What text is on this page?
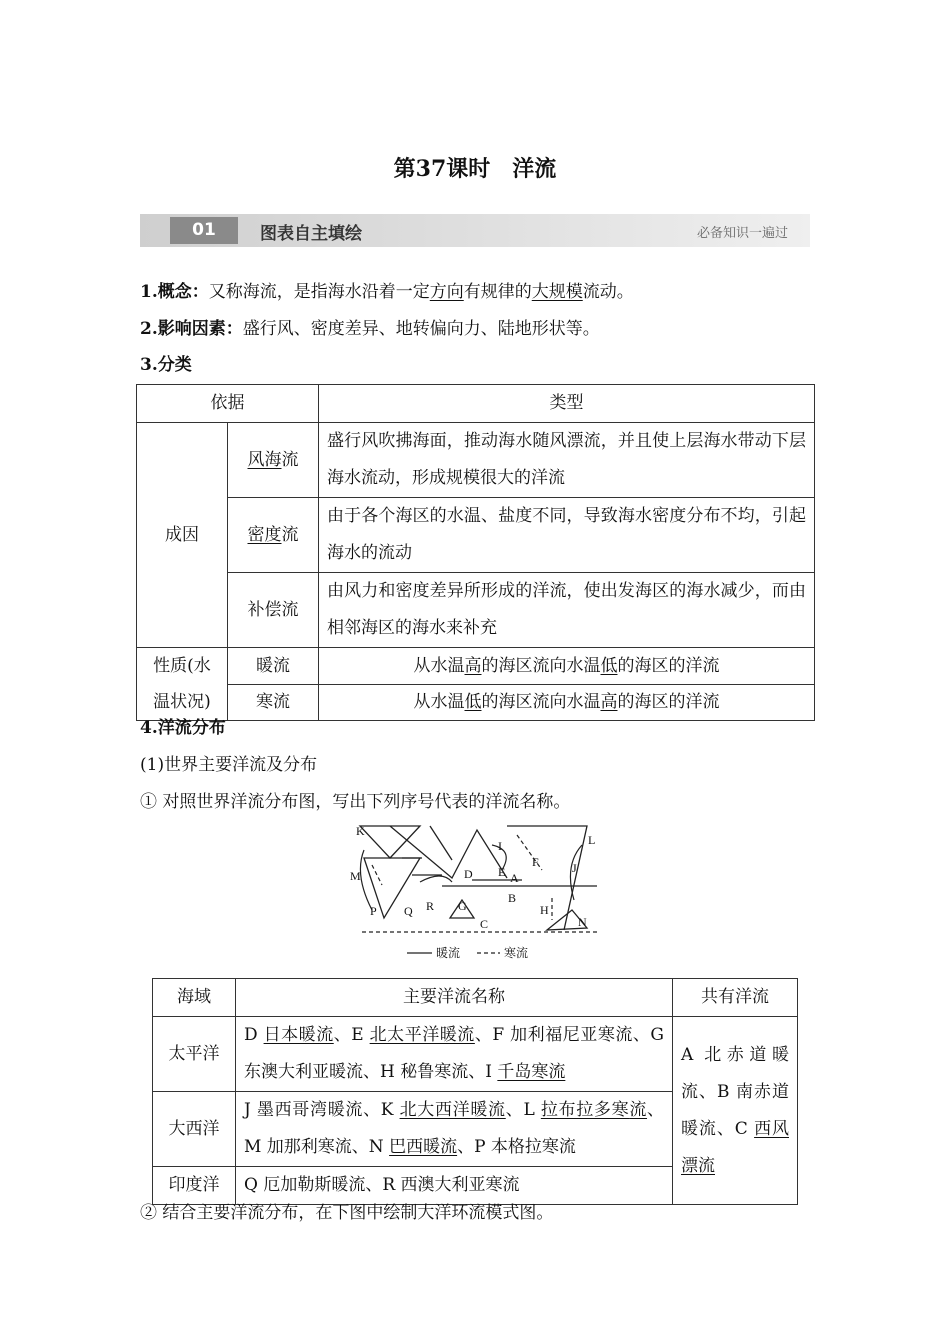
第37课时 洋流
01	图表自主填绘	必备知识一遍过
1.概念：又称海流，是指海水沿着一定方向有规律的大规模流动。
2.影响因素：盛行风、密度差异、地转偏向力、陆地形状等。
3.分类
依据		类型
成因	风海流	盛行风吹拂海面，推动海水随风漂流，并且使上层海水带动下层海水流动，形成规模很大的洋流
	密度流	由于各个海区的水温、盐度不同，导致海水密度分布不均，引起海水的流动
	补偿流	由风力和密度差异所形成的洋流，使出发海区的海水减少，而由相邻海区的海水来补充
性质(水温状况)	暖流	从水温高的海区流向水温低的海区的洋流
	寒流	从水温低的海区流向水温高的海区的洋流
4.洋流分布
(1)世界主要洋流及分布
① 对照世界洋流分布图，写出下列序号代表的洋流名称。
K
M
P Q R G
C
D E A
B
I
F
L
J
H
N
暖流	寒流
海域	主要洋流名称	共有洋流
太平洋	D 日本暖流、E 北太平洋暖流、F 加利福尼亚寒流、G 东澳大利亚暖流、H 秘鲁寒流、I 千岛寒流	A 北赤道暖流、B 南赤道暖流、C 西风漂流
大西洋	J 墨西哥湾暖流、K 北大西洋暖流、L 拉布拉多寒流、M 加那利寒流、N 巴西暖流、P 本格拉寒流	
印度洋	Q 厄加勒斯暖流、R 西澳大利亚寒流	
② 结合主要洋流分布，在下图中绘制大洋环流模式图。
